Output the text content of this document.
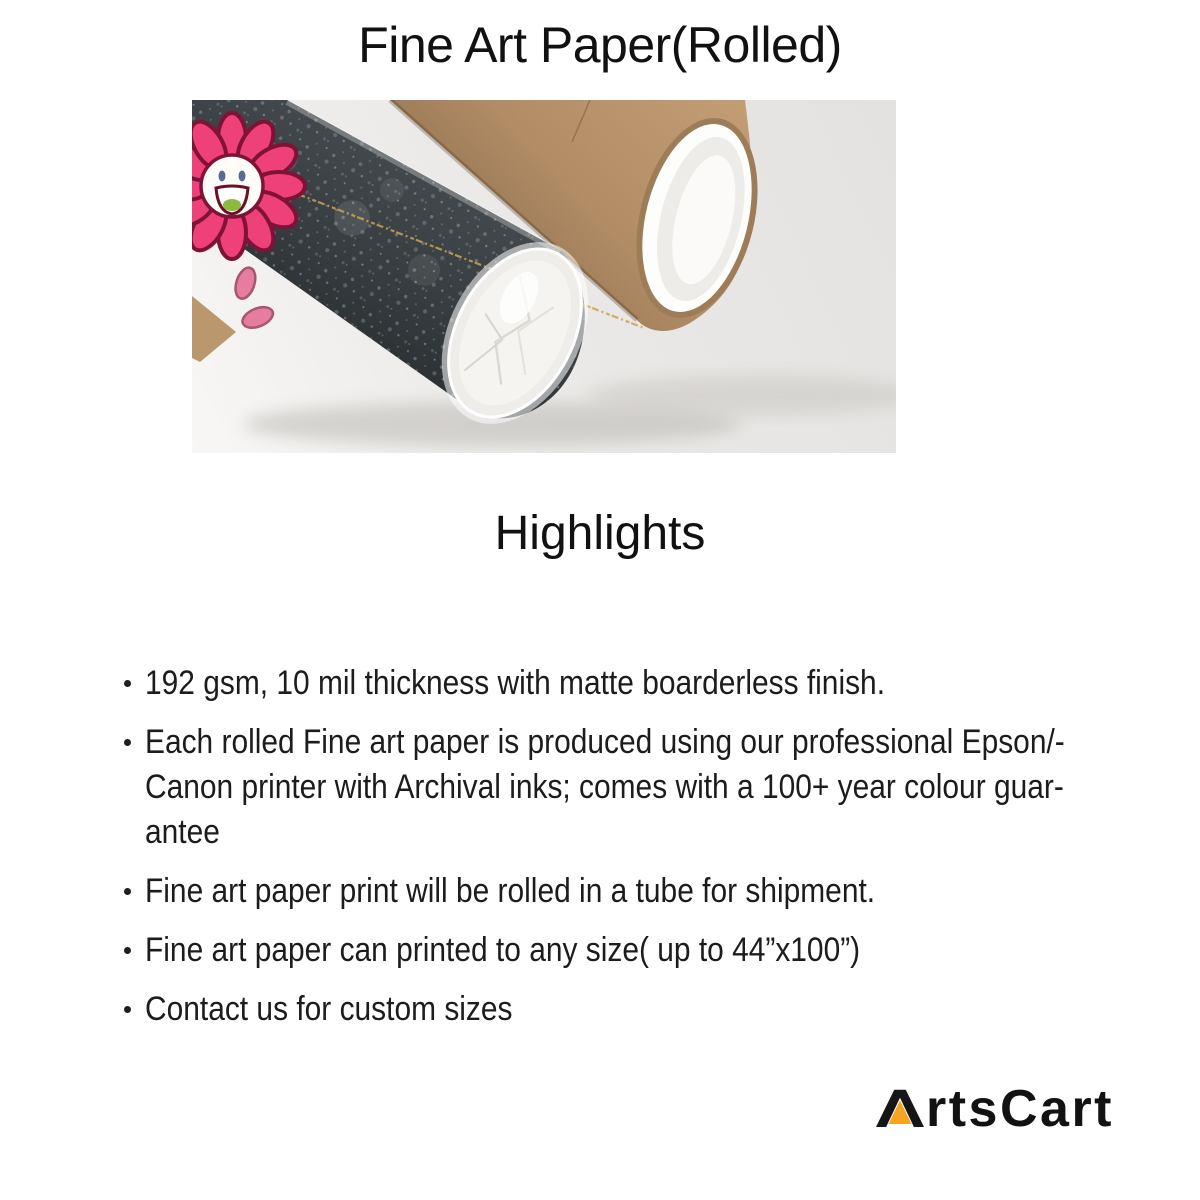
Fine Art Paper(Rolled)
Highlights
192 gsm, 10 mil thickness with matte boarderless finish.
Each rolled Fine art paper is produced using our professional Epson/-
Canon printer with Archival inks; comes with a 100+ year colour guar-
antee
Fine art paper print will be rolled in a tube for shipment.
Fine art paper can printed to any size( up to 44”x100”)
Contact us for custom sizes
rtsCart
